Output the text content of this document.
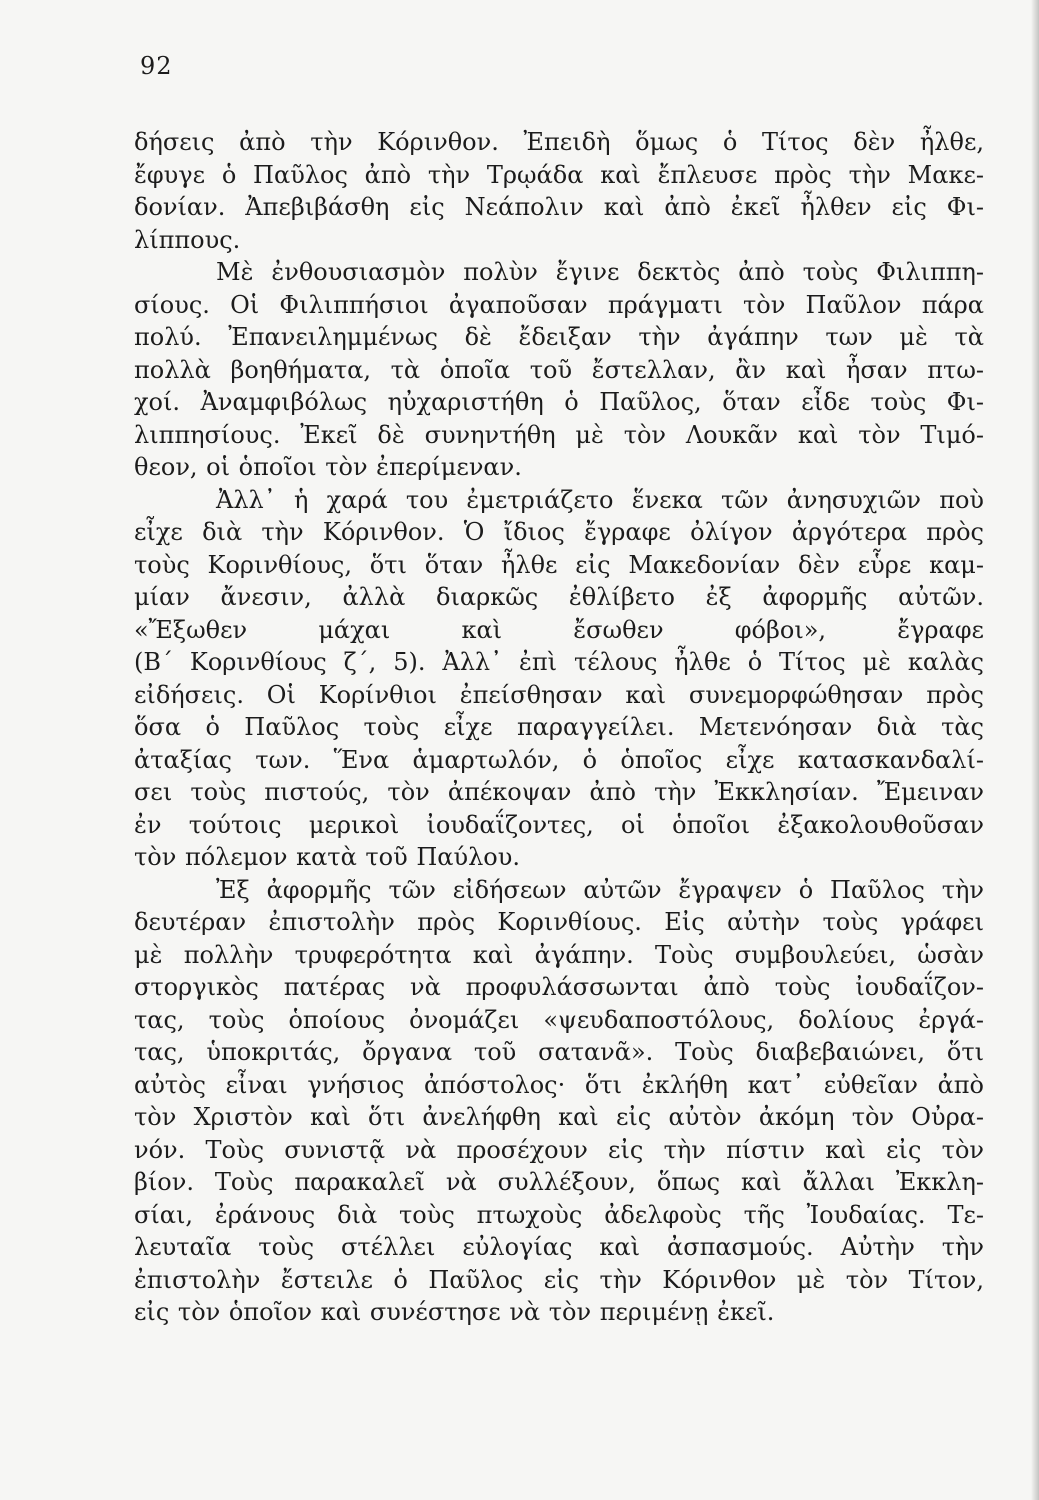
92
δήσεις ἀπὸ τὴν Κόρινθον. Ἐπειδὴ ὅμως ὁ Τίτος δὲν ἦλθε,
ἔφυγε ὁ Παῦλος ἀπὸ τὴν Τρῳάδα καὶ ἔπλευσε πρὸς τὴν Μακε-
δονίαν. Ἀπεβιβάσθη εἰς Νεάπολιν καὶ ἀπὸ ἐκεῖ ἦλθεν εἰς Φι-
λίππους.
Μὲ ἐνθουσιασμὸν πολὺν ἔγινε δεκτὸς ἀπὸ τοὺς Φιλιππη-
σίους. Οἱ Φιλιππήσιοι ἀγαποῦσαν πράγματι τὸν Παῦλον πάρα
πολύ. Ἐπανειλημμένως δὲ ἔδειξαν τὴν ἀγάπην των μὲ τὰ
πολλὰ βοηθήματα, τὰ ὁποῖα τοῦ ἔστελλαν, ἂν καὶ ἦσαν πτω-
χοί. Ἀναμφιβόλως ηὐχαριστήθη ὁ Παῦλος, ὅταν εἶδε τοὺς Φι-
λιππησίους. Ἐκεῖ δὲ συνηντήθη μὲ τὸν Λουκᾶν καὶ τὸν Τιμό-
θεον, οἱ ὁποῖοι τὸν ἐπερίμεναν.
Ἀλλ᾽ ἡ χαρά του ἐμετριάζετο ἕνεκα τῶν ἀνησυχιῶν ποὺ
εἶχε διὰ τὴν Κόρινθον. Ὁ ἴδιος ἔγραφε ὀλίγον ἀργότερα πρὸς
τοὺς Κορινθίους, ὅτι ὅταν ἦλθε εἰς Μακεδονίαν δὲν εὗρε καμ-
μίαν ἄνεσιν, ἀλλὰ διαρκῶς ἐθλίβετο ἐξ ἀφορμῆς αὐτῶν.
«Ἔξωθεν μάχαι καὶ ἔσωθεν φόβοι», ἔγραφε
(Β΄ Κορινθίους ζ΄, 5). Ἀλλ᾽ ἐπὶ τέλους ἦλθε ὁ Τίτος μὲ καλὰς
εἰδήσεις. Οἱ Κορίνθιοι ἐπείσθησαν καὶ συνεμορφώθησαν πρὸς
ὅσα ὁ Παῦλος τοὺς εἶχε παραγγείλει. Μετενόησαν διὰ τὰς
ἀταξίας των. Ἕνα ἁμαρτωλόν, ὁ ὁποῖος εἶχε κατασκανδαλί-
σει τοὺς πιστούς, τὸν ἀπέκοψαν ἀπὸ τὴν Ἐκκλησίαν. Ἔμειναν
ἐν τούτοις μερικοὶ ἰουδαΐζοντες, οἱ ὁποῖοι ἐξακολουθοῦσαν
τὸν πόλεμον κατὰ τοῦ Παύλου.
Ἐξ ἀφορμῆς τῶν εἰδήσεων αὐτῶν ἔγραψεν ὁ Παῦλος τὴν
δευτέραν ἐπιστολὴν πρὸς Κορινθίους. Εἰς αὐτὴν τοὺς γράφει
μὲ πολλὴν τρυφερότητα καὶ ἀγάπην. Τοὺς συμβουλεύει, ὡσὰν
στοργικὸς πατέρας νὰ προφυλάσσωνται ἀπὸ τοὺς ἰουδαΐζον-
τας, τοὺς ὁποίους ὀνομάζει «ψευδαποστόλους, δολίους ἐργά-
τας, ὑποκριτάς, ὄργανα τοῦ σατανᾶ». Τοὺς διαβεβαιώνει, ὅτι
αὐτὸς εἶναι γνήσιος ἀπόστολος· ὅτι ἐκλήθη κατ᾽ εὐθεῖαν ἀπὸ
τὸν Χριστὸν καὶ ὅτι ἀνελήφθη καὶ εἰς αὐτὸν ἀκόμη τὸν Οὐρα-
νόν. Τοὺς συνιστᾷ νὰ προσέχουν εἰς τὴν πίστιν καὶ εἰς τὸν
βίον. Τοὺς παρακαλεῖ νὰ συλλέξουν, ὅπως καὶ ἄλλαι Ἐκκλη-
σίαι, ἐράνους διὰ τοὺς πτωχοὺς ἀδελφοὺς τῆς Ἰουδαίας. Τε-
λευταῖα τοὺς στέλλει εὐλογίας καὶ ἀσπασμούς. Αὐτὴν τὴν
ἐπιστολὴν ἔστειλε ὁ Παῦλος εἰς τὴν Κόρινθον μὲ τὸν Τίτον,
εἰς τὸν ὁποῖον καὶ συνέστησε νὰ τὸν περιμένῃ ἐκεῖ.
